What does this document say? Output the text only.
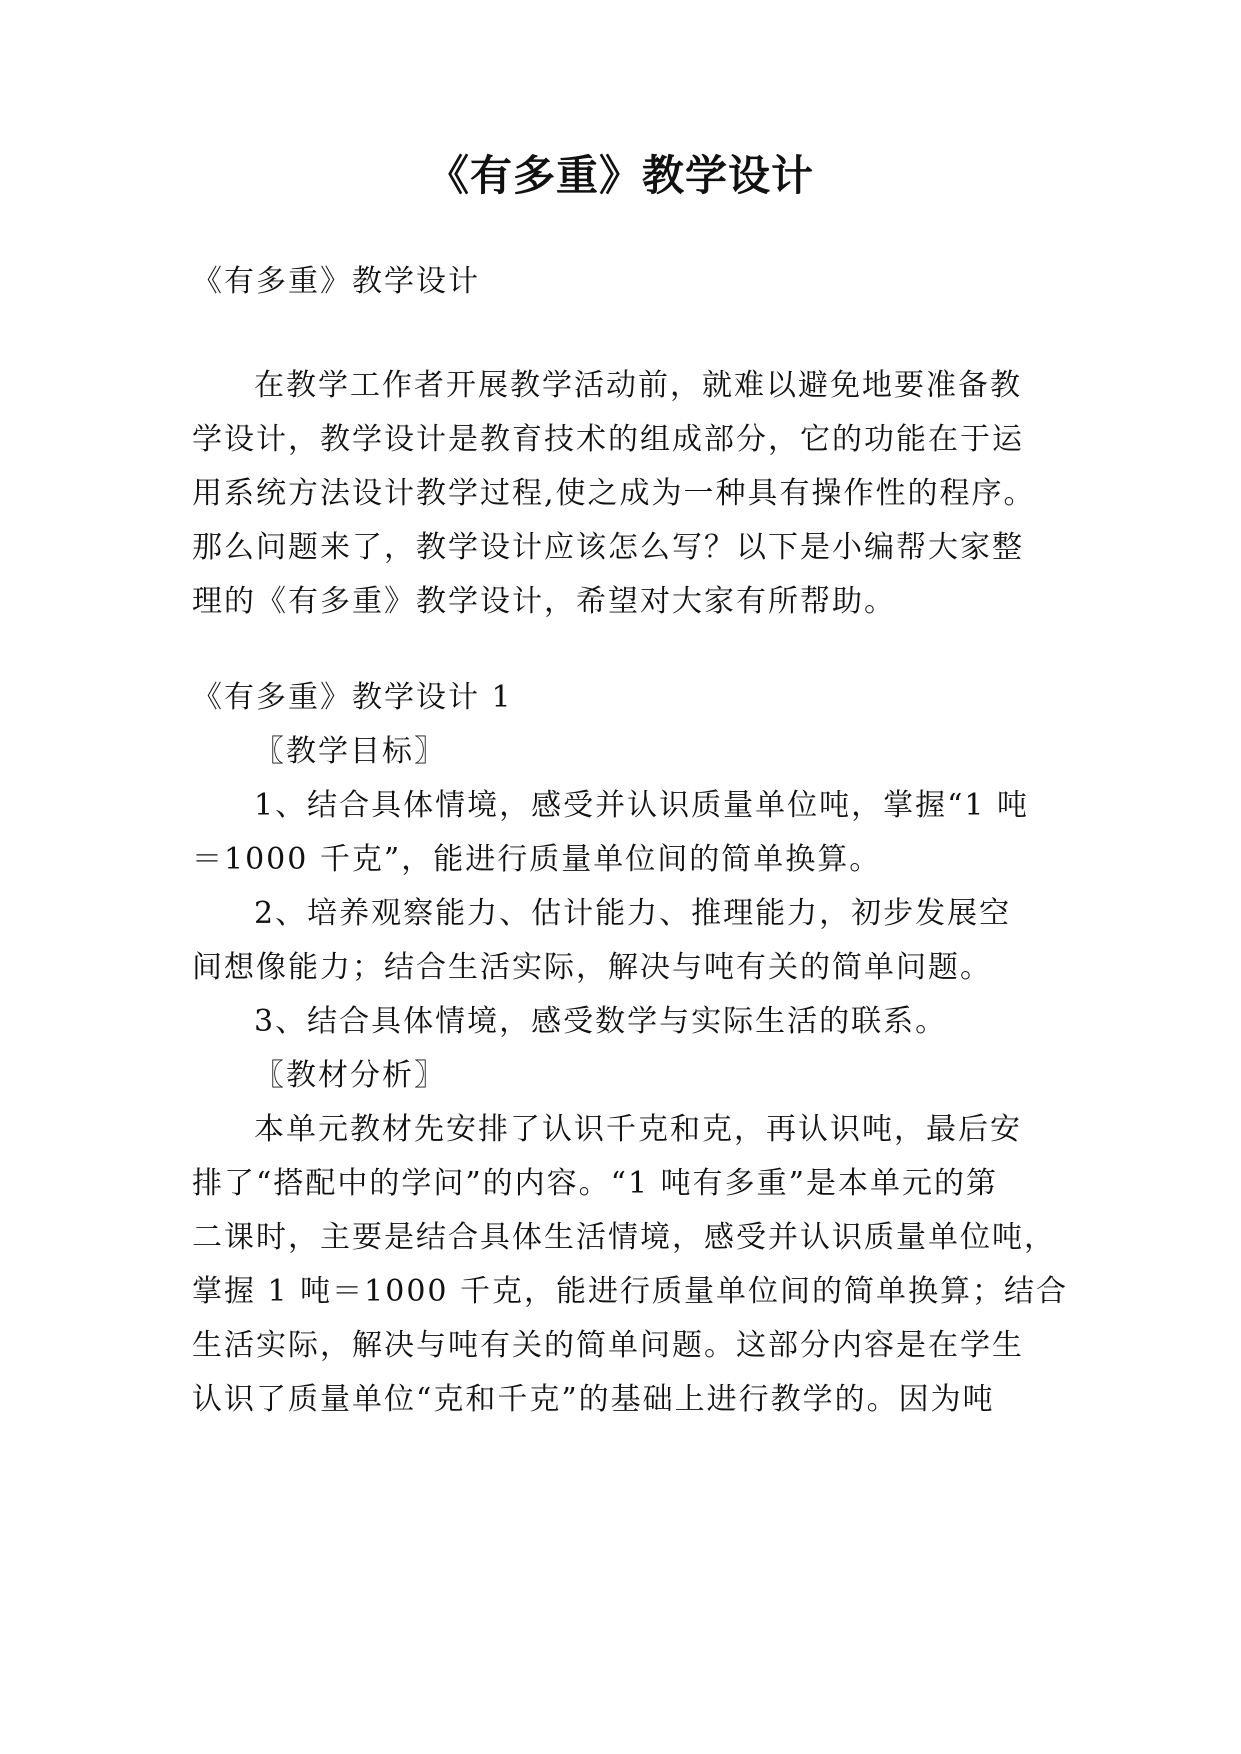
《有多重》教学设计
《有多重》教学设计
在教学工作者开展教学活动前，就难以避免地要准备教
学设计，教学设计是教育技术的组成部分，它的功能在于运
用系统方法设计教学过程,使之成为一种具有操作性的程序。
那么问题来了，教学设计应该怎么写？以下是小编帮大家整
理的《有多重》教学设计，希望对大家有所帮助。
《有多重》教学设计 1
〖教学目标〗
1、结合具体情境，感受并认识质量单位吨，掌握“1 吨
＝1000 千克”，能进行质量单位间的简单换算。
2、培养观察能力、估计能力、推理能力，初步发展空
间想像能力；结合生活实际，解决与吨有关的简单问题。
3、结合具体情境，感受数学与实际生活的联系。
〖教材分析〗
本单元教材先安排了认识千克和克，再认识吨，最后安
排了“搭配中的学问”的内容。“1 吨有多重”是本单元的第
二课时，主要是结合具体生活情境，感受并认识质量单位吨，
掌握 1 吨＝1000 千克，能进行质量单位间的简单换算；结合
生活实际，解决与吨有关的简单问题。这部分内容是在学生
认识了质量单位“克和千克”的基础上进行教学的。因为吨
